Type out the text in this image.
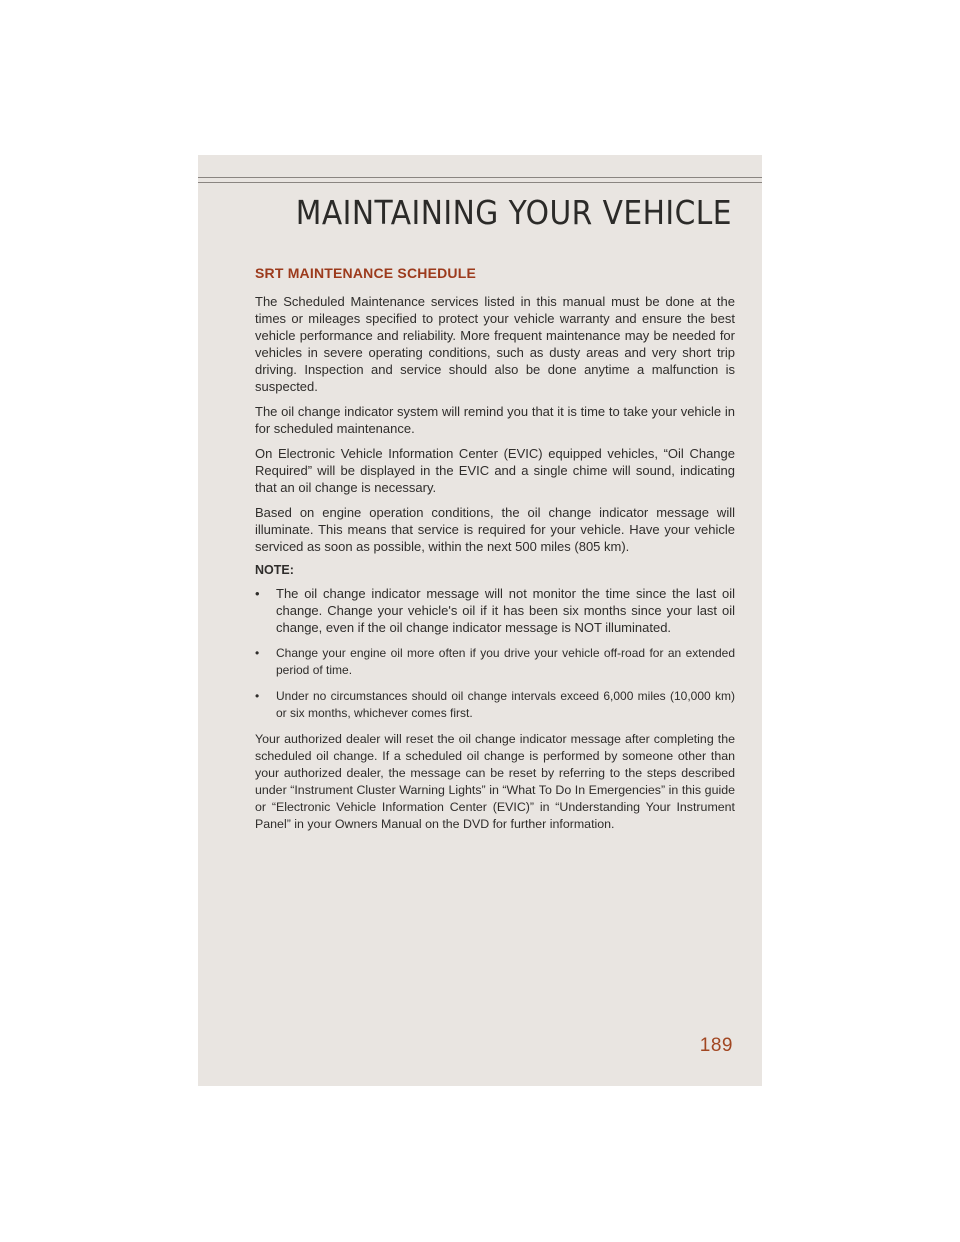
MAINTAINING YOUR VEHICLE
SRT MAINTENANCE SCHEDULE

The Scheduled Maintenance services listed in this manual must be done at the times or mileages specified to protect your vehicle warranty and ensure the best vehicle performance and reliability. More frequent maintenance may be needed for vehicles in severe operating conditions, such as dusty areas and very short trip driving. Inspection and service should also be done anytime a malfunction is suspected.

The oil change indicator system will remind you that it is time to take your vehicle in for scheduled maintenance.

On Electronic Vehicle Information Center (EVIC) equipped vehicles, “Oil Change Required” will be displayed in the EVIC and a single chime will sound, indicating that an oil change is necessary.

Based on engine operation conditions, the oil change indicator message will illuminate. This means that service is required for your vehicle. Have your vehicle serviced as soon as possible, within the next 500 miles (805 km).

NOTE:
•	The oil change indicator message will not monitor the time since the last oil change. Change your vehicle's oil if it has been six months since your last oil change, even if the oil change indicator message is NOT illuminated.
•	Change your engine oil more often if you drive your vehicle off-road for an extended period of time.
•	Under no circumstances should oil change intervals exceed 6,000 miles (10,000 km) or six months, whichever comes first.

Your authorized dealer will reset the oil change indicator message after completing the scheduled oil change. If a scheduled oil change is performed by someone other than your authorized dealer, the message can be reset by referring to the steps described under “Instrument Cluster Warning Lights” in “What To Do In Emergencies” in this guide or “Electronic Vehicle Information Center (EVIC)” in “Understanding Your Instrument Panel” in your Owners Manual on the DVD for further information.

189
